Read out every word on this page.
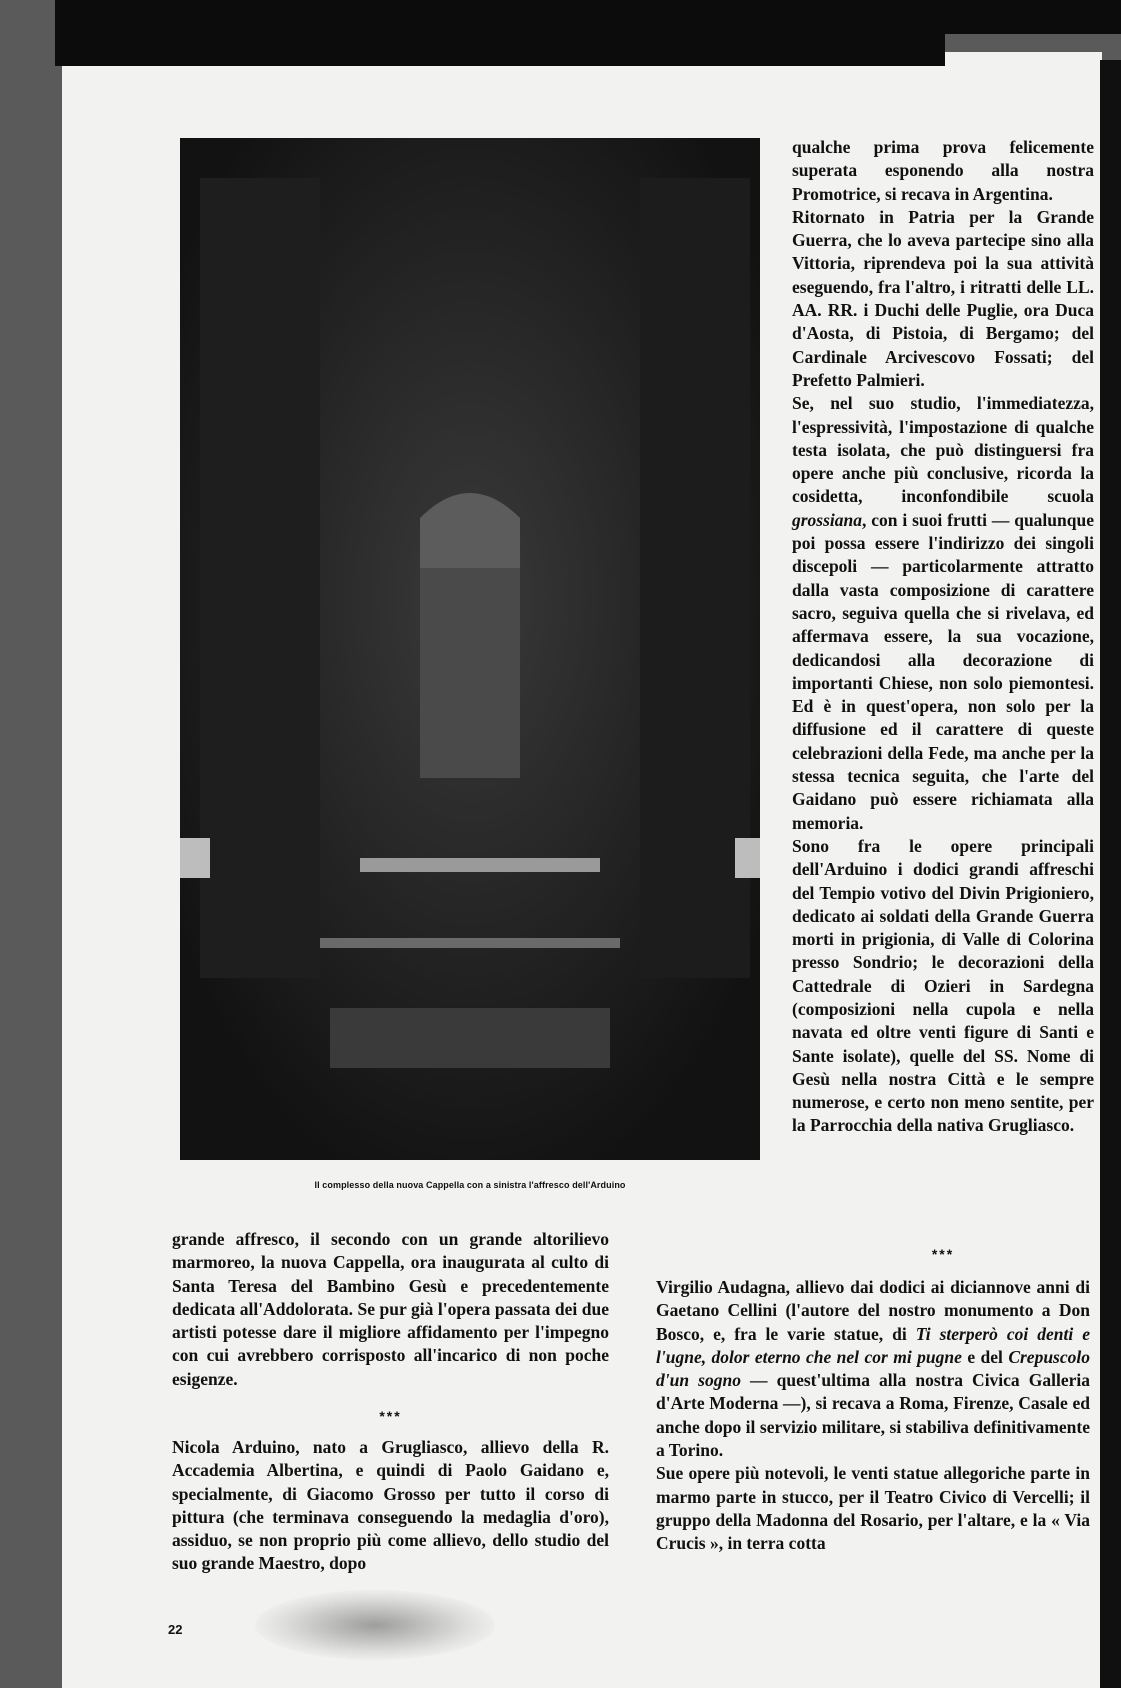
Il complesso della nuova Cappella con a sinistra l'affresco dell'Arduino

grande affresco, il secondo con un grande altorilievo marmoreo, la nuova Cappella, ora inaugurata al culto di Santa Teresa del Bambino Gesù e precedentemente dedicata all'Addolorata. Se pur già l'opera passata dei due artisti potesse dare il migliore affidamento per l'impegno con cui avrebbero corrisposto all'incarico di non poche esigenze.

***

Nicola Arduino, nato a Grugliasco, allievo della R. Accademia Albertina, e quindi di Paolo Gaidano e, specialmente, di Giacomo Grosso per tutto il corso di pittura (che terminava conseguendo la medaglia d'oro), assiduo, se non proprio più come allievo, dello studio del suo grande Maestro, dopo

qualche prima prova felicemente superata esponendo alla nostra Promotrice, si recava in Argentina.

Ritornato in Patria per la Grande Guerra, che lo aveva partecipe sino alla Vittoria, riprendeva poi la sua attività eseguendo, fra l'altro, i ritratti delle LL. AA. RR. i Duchi delle Puglie, ora Duca d'Aosta, di Pistoia, di Bergamo; del Cardinale Arcivescovo Fossati; del Prefetto Palmieri.

Se, nel suo studio, l'immediatezza, l'espressività, l'impostazione di qualche testa isolata, che può distinguersi fra opere anche più conclusive, ricorda la cosidetta, inconfondibile scuola grossiana, con i suoi frutti — qualunque poi possa essere l'indirizzo dei singoli discepoli — particolarmente attratto dalla vasta composizione di carattere sacro, seguiva quella che si rivelava, ed affermava essere, la sua vocazione, dedicandosi alla decorazione di importanti Chiese, non solo piemontesi. Ed è in quest'opera, non solo per la diffusione ed il carattere di queste celebrazioni della Fede, ma anche per la stessa tecnica seguita, che l'arte del Gaidano può essere richiamata alla memoria.

Sono fra le opere principali dell'Arduino i dodici grandi affreschi del Tempio votivo del Divin Prigioniero, dedicato ai soldati della Grande Guerra morti in prigionia, di Valle di Colorina presso Sondrio; le decorazioni della Cattedrale di Ozieri in Sardegna (composizioni nella cupola e nella navata ed oltre venti figure di Santi e Sante isolate), quelle del SS. Nome di Gesù nella nostra Città e le sempre numerose, e certo non meno sentite, per la Parrocchia della nativa Grugliasco.

***

Virgilio Audagna, allievo dai dodici ai diciannove anni di Gaetano Cellini (l'autore del nostro monumento a Don Bosco, e, fra le varie statue, di Ti sterperò coi denti e l'ugne, dolor eterno che nel cor mi pugne e del Crepuscolo d'un sogno — quest'ultima alla nostra Civica Galleria d'Arte Moderna —), si recava a Roma, Firenze, Casale ed anche dopo il servizio militare, si stabiliva definitivamente a Torino.

Sue opere più notevoli, le venti statue allegoriche parte in marmo parte in stucco, per il Teatro Civico di Vercelli; il gruppo della Madonna del Rosario, per l'altare, e la « Via Crucis », in terra cotta

22
